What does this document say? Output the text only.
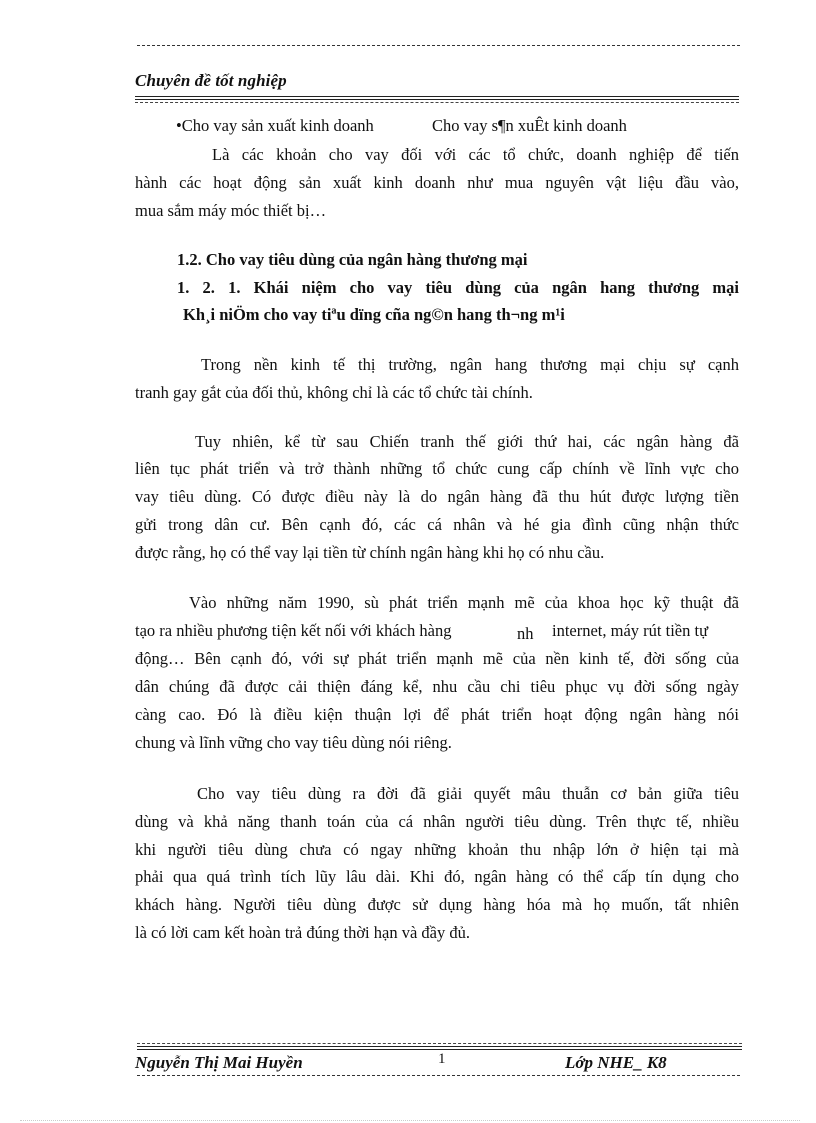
Chuyên đề tốt nghiệp
•Cho vay sản xuất kinh doanh	Cho vay s¶n xuÊt kinh doanh
Là các khoản cho vay đối với các tổ chức, doanh nghiệp để tiến
hành các hoạt động sản xuất kinh doanh như mua nguyên vật liệu đầu vào,
mua sắm máy móc thiết bị…
1.2. Cho vay tiêu dùng của ngân hàng thương mại
1. 2. 1. Khái niệm cho vay tiêu dùng của ngân hang thương mại
Kh¸i niÖm cho vay tiªu dïng cña ng©n hang th¬ng m¹i
Trong nền kinh tế thị trường, ngân hang thương mại chịu sự cạnh
tranh gay gắt của đối thủ, không chỉ là các tổ chức tài chính.
Tuy nhiên, kể từ sau Chiến tranh thế giới thứ hai, các ngân hàng đã
liên tục phát triển và trở thành những tổ chức cung cấp chính về lĩnh vực cho
vay tiêu dùng. Có được điều này là do ngân hàng đã thu hút được lượng tiền
gửi trong dân cư. Bên cạnh đó, các cá nhân và hé gia đình cũng nhận thức
được rằng, họ có thể vay lại tiền từ chính ngân hàng khi họ có nhu cầu.
Vào những năm 1990, sù phát triển mạnh mẽ của khoa học kỹ thuật đã
tạo ra nhiều phương tiện kết nối với khách hàng	nh internet, máy rút tiền tự
động… Bên cạnh đó, với sự phát triển mạnh mẽ của nền kinh tế, đời sống của
dân chúng đã được cải thiện đáng kể, nhu cầu chi tiêu phục vụ đời sống ngày
càng cao. Đó là điều kiện thuận lợi để phát triển hoạt động ngân hàng nói
chung và lĩnh vững cho vay tiêu dùng nói riêng.
Cho vay tiêu dùng ra đời đã giải quyết mâu thuẫn cơ bản giữa tiêu
dùng và khả năng thanh toán của cá nhân người tiêu dùng. Trên thực tế, nhiều
khi người tiêu dùng chưa có ngay những khoản thu nhập lớn ở hiện tại mà
phải qua quá trình tích lũy lâu dài. Khi đó, ngân hàng có thể cấp tín dụng cho
khách hàng. Người tiêu dùng được sử dụng hàng hóa mà họ muốn, tất nhiên
là có lời cam kết hoàn trả đúng thời hạn và đầy đủ.
Nguyễn Thị Mai Huyền	1	Lớp NHE_ K8
